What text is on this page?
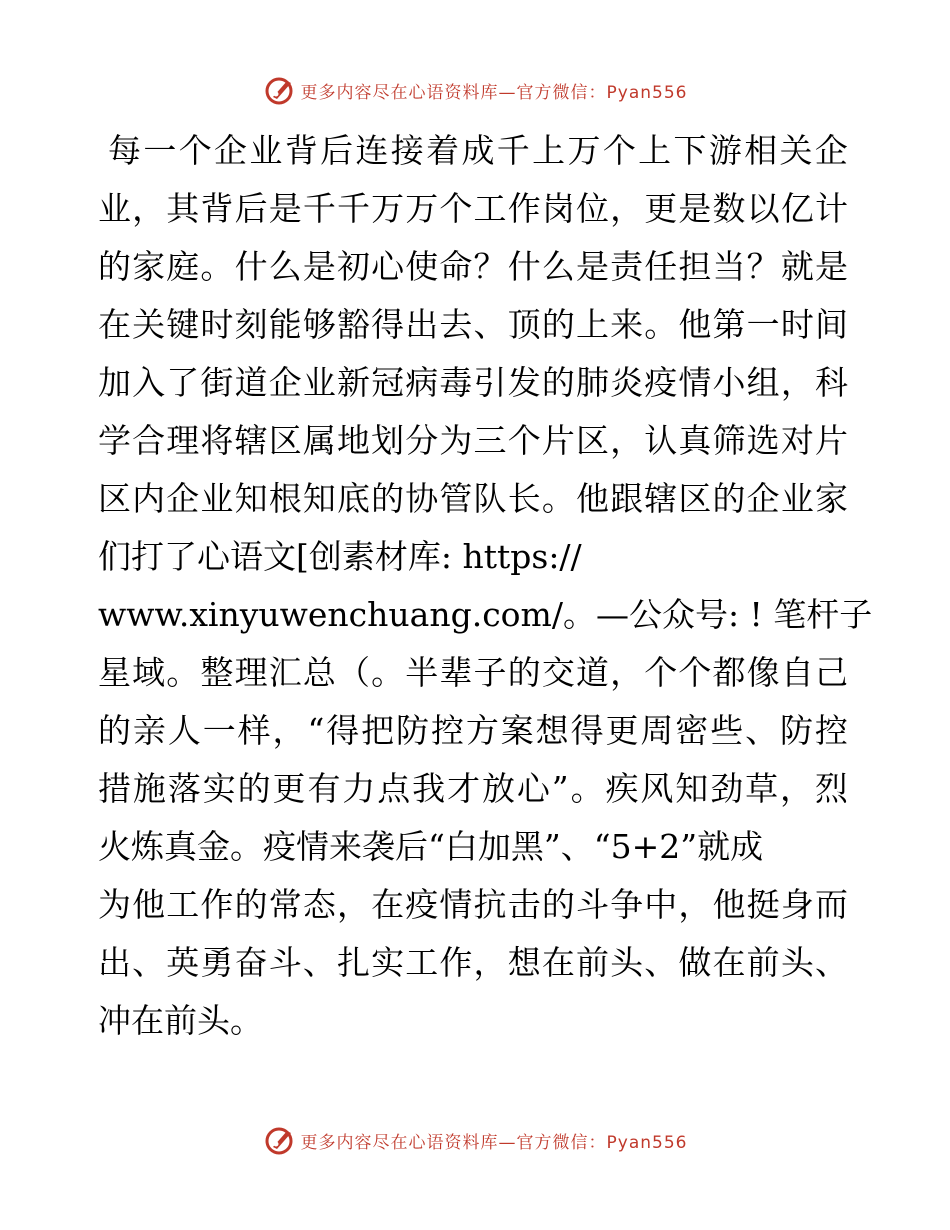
更多内容尽在心语资料库—官方微信：Pyan556
每 一 个 企 业 背 后 连 接 着 成 千 上 万 个 上 下 游 相 关 企
业 ， 其 背 后 是 千 千 万 万 个 工 作 岗 位 ， 更 是 数 以 亿 计
的 家 庭 。 什 么 是 初 心 使 命 ？ 什 么 是 责 任 担 当 ？ 就 是
在 关 键 时 刻 能 够 豁 得 出 去 、 顶 的 上 来 。 他 第 一 时 间
加 入 了 街 道 企 业 新 冠 病 毒 引 发 的 肺 炎 疫 情 小 组 ， 科
学 合 理 将 辖 区 属 地 划 分 为 三 个 片 区 ， 认 真 筛 选 对 片
区 内 企 业 知 根 知 底 的 协 管 队 长 。 他 跟 辖 区 的 企 业 家
们打了心语文[创素材库: https://
www.xinyuwenchuang.com/。—公众号: ! 笔杆子
星 域 。 整 理 汇 总 （ 。 半 辈 子 的 交 道 ， 个 个 都 像 自 己
的 亲 人 一 样 ， “ 得 把 防 控 方 案 想 得 更 周 密 些 、 防 控
措 施 落 实 的 更 有 力 点 我 才 放 心 ” 。 疾 风 知 劲 草 ， 烈
火炼真金。疫情来袭后“白加黑”、“5+2”就成
为 他 工 作 的 常 态 ， 在 疫 情 抗 击 的 斗 争 中 ， 他 挺 身 而
出 、 英 勇 奋 斗 、 扎 实 工 作 ， 想 在 前 头 、 做 在 前 头 、
冲在前头。
更多内容尽在心语资料库—官方微信：Pyan556
